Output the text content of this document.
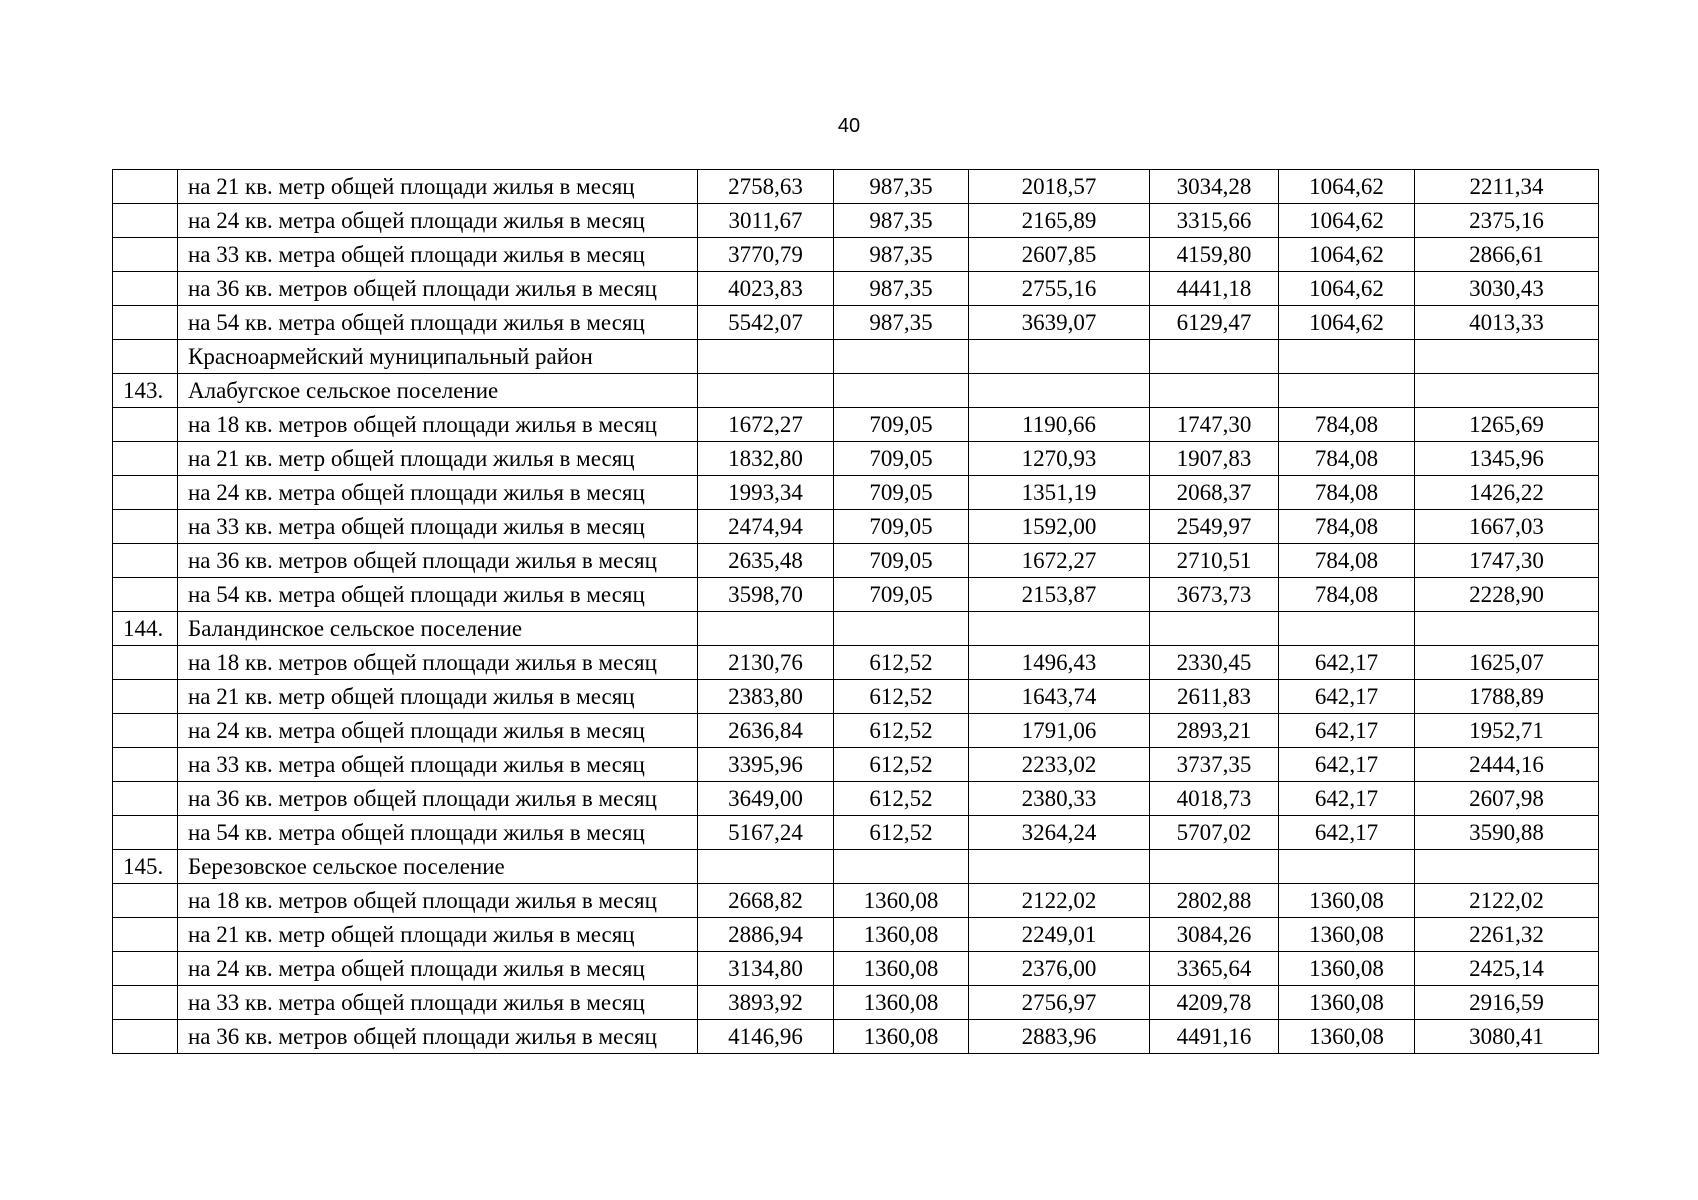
40
	на 21 кв. метр общей площади жилья в месяц	2758,63	987,35	2018,57	3034,28	1064,62	2211,34
	на 24 кв. метра общей площади жилья в месяц	3011,67	987,35	2165,89	3315,66	1064,62	2375,16
	на 33 кв. метра общей площади жилья в месяц	3770,79	987,35	2607,85	4159,80	1064,62	2866,61
	на 36 кв. метров общей площади жилья в месяц	4023,83	987,35	2755,16	4441,18	1064,62	3030,43
	на 54 кв. метра общей площади жилья в месяц	5542,07	987,35	3639,07	6129,47	1064,62	4013,33
	Красноармейский муниципальный район						
143.	Алабугское сельское поселение						
	на 18 кв. метров общей площади жилья в месяц	1672,27	709,05	1190,66	1747,30	784,08	1265,69
	на 21 кв. метр общей площади жилья в месяц	1832,80	709,05	1270,93	1907,83	784,08	1345,96
	на 24 кв. метра общей площади жилья в месяц	1993,34	709,05	1351,19	2068,37	784,08	1426,22
	на 33 кв. метра общей площади жилья в месяц	2474,94	709,05	1592,00	2549,97	784,08	1667,03
	на 36 кв. метров общей площади жилья в месяц	2635,48	709,05	1672,27	2710,51	784,08	1747,30
	на 54 кв. метра общей площади жилья в месяц	3598,70	709,05	2153,87	3673,73	784,08	2228,90
144.	Баландинское сельское поселение						
	на 18 кв. метров общей площади жилья в месяц	2130,76	612,52	1496,43	2330,45	642,17	1625,07
	на 21 кв. метр общей площади жилья в месяц	2383,80	612,52	1643,74	2611,83	642,17	1788,89
	на 24 кв. метра общей площади жилья в месяц	2636,84	612,52	1791,06	2893,21	642,17	1952,71
	на 33 кв. метра общей площади жилья в месяц	3395,96	612,52	2233,02	3737,35	642,17	2444,16
	на 36 кв. метров общей площади жилья в месяц	3649,00	612,52	2380,33	4018,73	642,17	2607,98
	на 54 кв. метра общей площади жилья в месяц	5167,24	612,52	3264,24	5707,02	642,17	3590,88
145.	Березовское сельское поселение						
	на 18 кв. метров общей площади жилья в месяц	2668,82	1360,08	2122,02	2802,88	1360,08	2122,02
	на 21 кв. метр общей площади жилья в месяц	2886,94	1360,08	2249,01	3084,26	1360,08	2261,32
	на 24 кв. метра общей площади жилья в месяц	3134,80	1360,08	2376,00	3365,64	1360,08	2425,14
	на 33 кв. метра общей площади жилья в месяц	3893,92	1360,08	2756,97	4209,78	1360,08	2916,59
	на 36 кв. метров общей площади жилья в месяц	4146,96	1360,08	2883,96	4491,16	1360,08	3080,41
